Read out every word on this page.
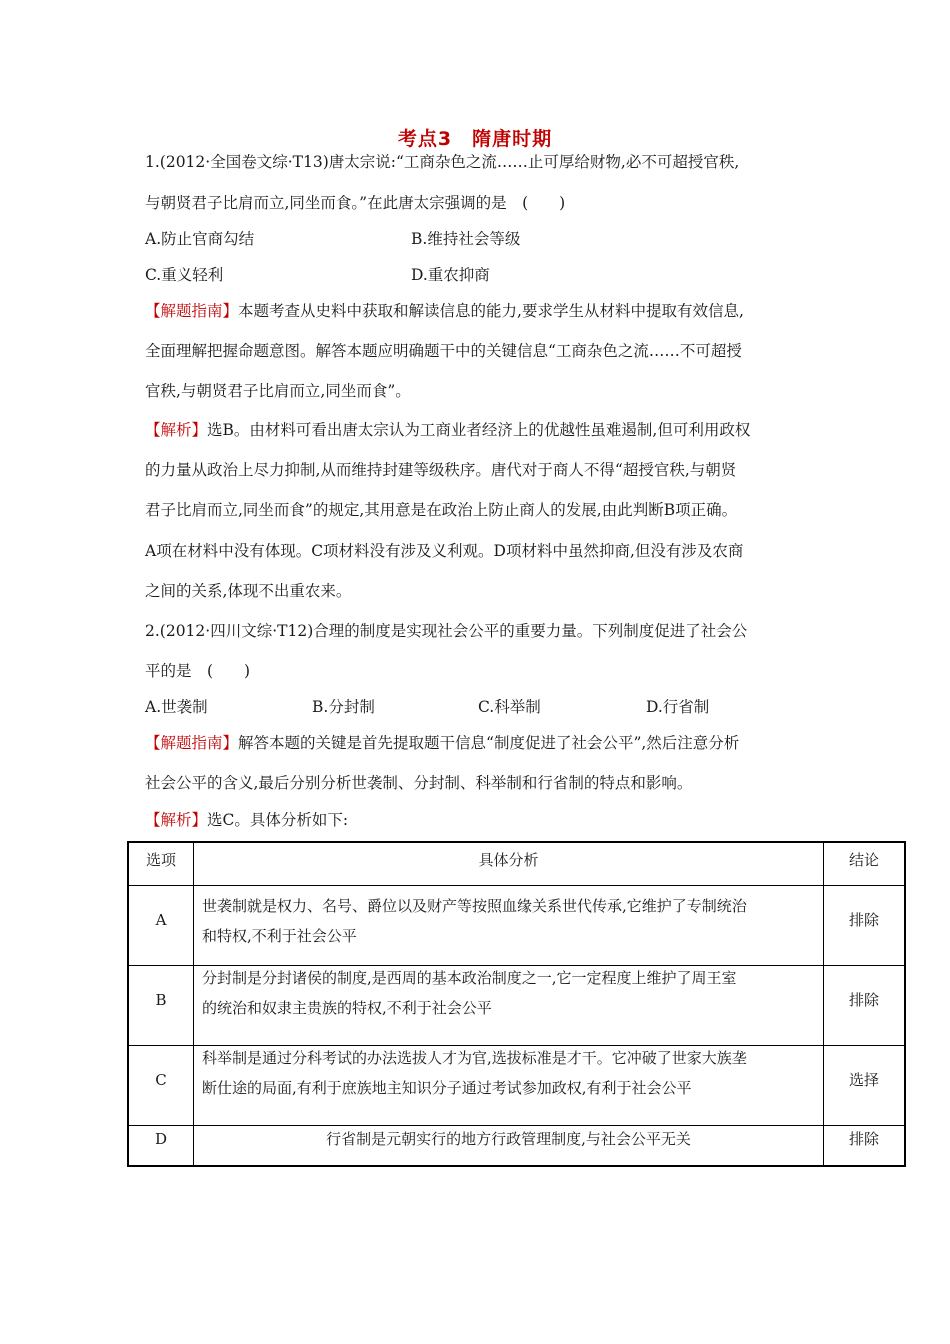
考点3　隋唐时期
1.(2012·全国卷文综·T13)唐太宗说:“工商杂色之流……止可厚给财物,必不可超授官秩,
与朝贤君子比肩而立,同坐而食。”在此唐太宗强调的是　(　　)
A.防止官商勾结	B.维持社会等级
C.重义轻利	D.重农抑商
【解题指南】本题考查从史料中获取和解读信息的能力,要求学生从材料中提取有效信息,
全面理解把握命题意图。解答本题应明确题干中的关键信息“工商杂色之流……不可超授
官秩,与朝贤君子比肩而立,同坐而食”。
【解析】选B。由材料可看出唐太宗认为工商业者经济上的优越性虽难遏制,但可利用政权
的力量从政治上尽力抑制,从而维持封建等级秩序。唐代对于商人不得“超授官秩,与朝贤
君子比肩而立,同坐而食”的规定,其用意是在政治上防止商人的发展,由此判断B项正确。
A项在材料中没有体现。C项材料没有涉及义利观。D项材料中虽然抑商,但没有涉及农商
之间的关系,体现不出重农来。
2.(2012·四川文综·T12)合理的制度是实现社会公平的重要力量。下列制度促进了社会公
平的是　(　　)
A.世袭制	B.分封制	C.科举制	D.行省制
【解题指南】解答本题的关键是首先提取题干信息“制度促进了社会公平”,然后注意分析
社会公平的含义,最后分别分析世袭制、分封制、科举制和行省制的特点和影响。
【解析】选C。具体分析如下:
选项	具体分析	结论

A	世袭制就是权力、名号、爵位以及财产等按照血缘关系世代传承,它维护了专制统治
和特权,不利于社会公平	排除

B	分封制是分封诸侯的制度,是西周的基本政治制度之一,它一定程度上维护了周王室
的统治和奴隶主贵族的特权,不利于社会公平	排除

C	科举制是通过分科考试的办法选拔人才为官,选拔标准是才干。它冲破了世家大族垄
断仕途的局面,有利于庶族地主知识分子通过考试参加政权,有利于社会公平	选择

D	行省制是元朝实行的地方行政管理制度,与社会公平无关	排除
